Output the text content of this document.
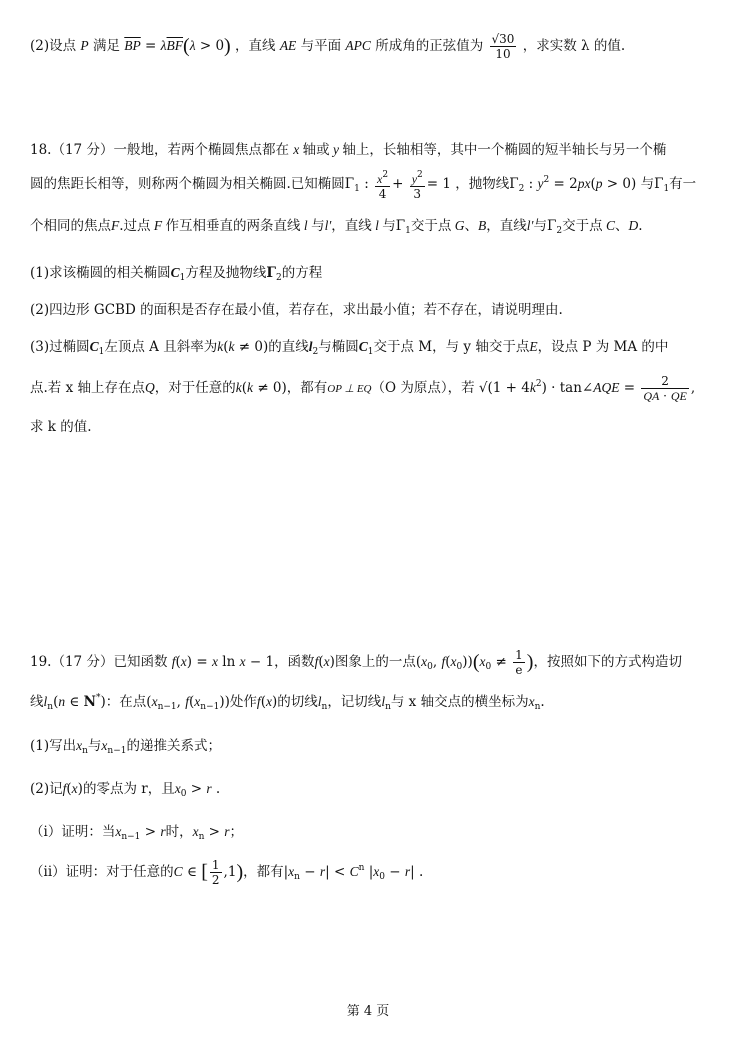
(2)设点 P 满足 $\overline{BP} = \lambda\overline{BF}(\lambda > 0)$ ，直线 AE 与平面 APC 所成角的正弦值为 $\frac{√30}{10}$ ，求实数 λ 的值.
18.（17 分）一般地，若两个椭圆焦点都在 x 轴或 y 轴上，长轴相等，其中一个椭圆的短半轴长与另一个椭
圆的焦距长相等，则称两个椭圆为相关椭圆.已知椭圆$\Gamma_1$ : $\frac{x^2}{4} + \frac{y^2}{3} = 1$ ，抛物线$\Gamma_2$ : $y^2 = 2px(p > 0)$ 与$\Gamma_1$有一
个相同的焦点F.过点 F 作互相垂直的两条直线 l 与l′，直线 l 与$\Gamma_1$交于点 G、B，直线l′与$\Gamma_2$交于点 C、D.
(1)求该椭圆的相关椭圆$C_1$方程及抛物线$\Gamma_2$的方程
(2)四边形 GCBD 的面积是否存在最小值，若存在，求出最小值；若不存在，请说明理由.
(3)过椭圆$C_1$左顶点 A 且斜率为k(k ≠ 0)的直线$l_2$与椭圆$C_1$交于点 M，与 y 轴交于点E，设点 P 为 MA 的中
点.若 x 轴上存在点Q，对于任意的k(k ≠ 0)，都有OP ⊥ EQ（O 为原点），若 $√(1 + 4k^2)$ · tan∠AQE = $\frac{2}{\overline{QA} \cdot \overline{QE}}$ ,
求 k 的值.
19.（17 分）已知函数 f(x) = x ln x − 1，函数f(x)图象上的一点($x_0$, $f(x_0))(x_0 \ne \frac{1}{e}$ )，按照如下的方式构造切
线$l_n(n$ ∈ N*)：在点($x_{n-1}$, $f(x_{n-1})$)处作f(x)的切线$l_n$，记切线$l_n$与 x 轴交点的横坐标为$x_n$.
(1)写出$x_n$与$x_{n-1}$的递推关系式；
(2)记f(x)的零点为 r，且$x_0 > r$ .
（i）证明：当$x_{n-1} > r$时，$x_n > r$；
（ii）证明：对于任意的C ∈ [ $\frac{1}{2} ,1$)，都有$|x_n - r| < C^n$ $|x_0 - r|$ .
第 4 页
